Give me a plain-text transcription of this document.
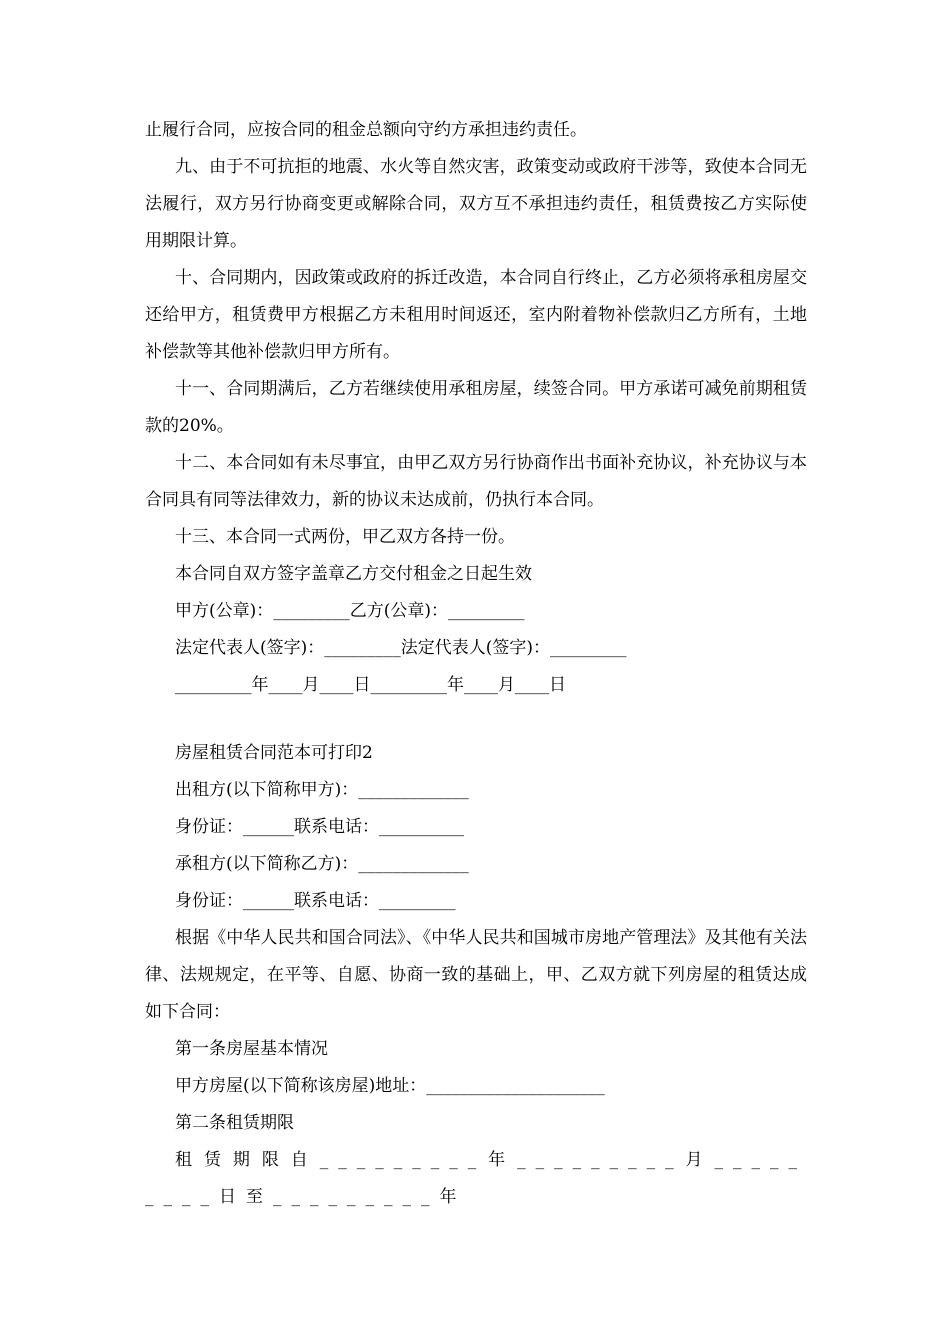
止履行合同，应按合同的租金总额向守约方承担违约责任。

九、由于不可抗拒的地震、水火等自然灾害，政策变动或政府干涉等，致使本合同无法履行，双方另行协商变更或解除合同，双方互不承担违约责任，租赁费按乙方实际使用期限计算。

十、合同期内，因政策或政府的拆迁改造，本合同自行终止，乙方必须将承租房屋交还给甲方，租赁费甲方根据乙方未租用时间返还，室内附着物补偿款归乙方所有，土地补偿款等其他补偿款归甲方所有。

十一、合同期满后，乙方若继续使用承租房屋，续签合同。甲方承诺可减免前期租赁款的20%。

十二、本合同如有未尽事宜，由甲乙双方另行协商作出书面补充协议，补充协议与本合同具有同等法律效力，新的协议未达成前，仍执行本合同。

十三、本合同一式两份，甲乙双方各持一份。

本合同自双方签字盖章乙方交付租金之日起生效

甲方(公章)：_________乙方(公章)：_________

法定代表人(签字)：_________法定代表人(签字)：_________

_________年____月____日_________年____月____日

房屋租赁合同范本可打印2

出租方(以下简称甲方)：_____________

身份证：______联系电话：__________

承租方(以下简称乙方)：_____________

身份证：______联系电话：_________

根据《中华人民共和国合同法》、《中华人民共和国城市房地产管理法》及其他有关法律、法规规定，在平等、自愿、协商一致的基础上，甲、乙双方就下列房屋的租赁达成如下合同：

第一条房屋基本情况

甲方房屋(以下简称该房屋)地址：_____________________

第二条租赁期限

租赁期限自_________年_________月_________日至_________年
